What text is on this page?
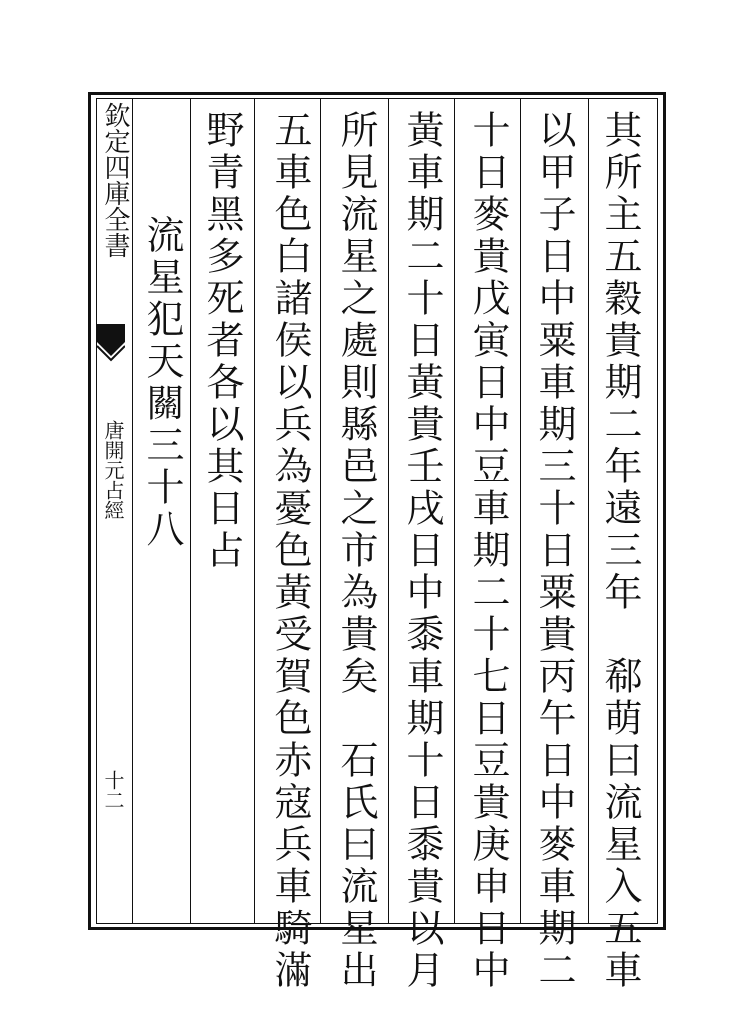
欽定四庫全書
唐開元占經
十二	其所主五穀貴期二年遠三年　郗萌曰流星入五車
以甲子日中粟車期三十日粟貴丙午日中麥車期二
十日麥貴戊寅日中豆車期二十七日豆貴庚申日中
黃車期二十日黃貴壬戌日中黍車期十日黍貴以月
所見流星之處則縣邑之市為貴矣　石氏曰流星出
五車色白諸侯以兵為憂色黃受賀色赤寇兵車騎滿
野青黑多死者各以其日占
流星犯天關三十八
